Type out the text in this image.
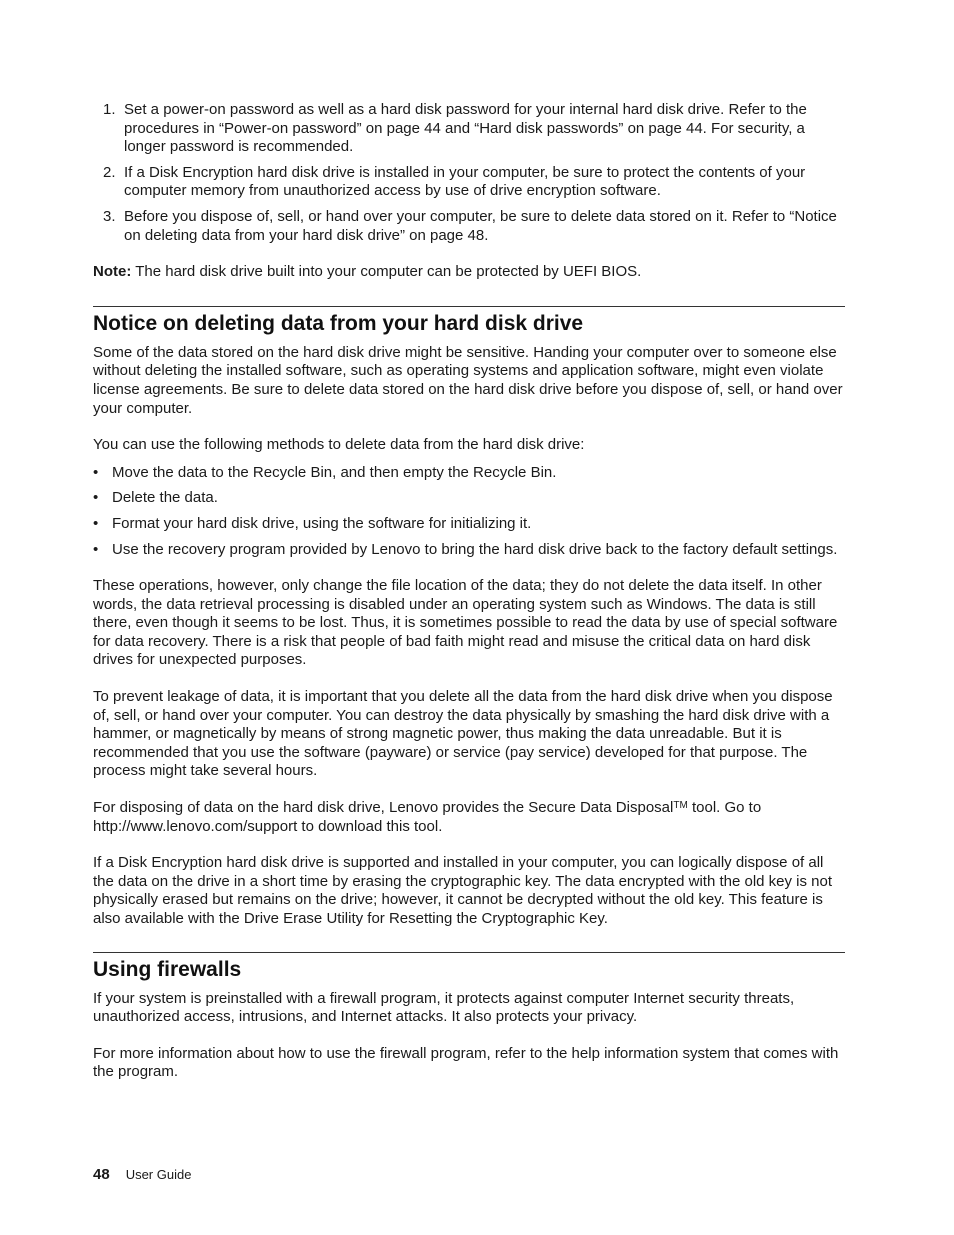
1. Set a power-on password as well as a hard disk password for your internal hard disk drive. Refer to the procedures in “Power-on password” on page 44 and “Hard disk passwords” on page 44. For security, a longer password is recommended.
2. If a Disk Encryption hard disk drive is installed in your computer, be sure to protect the contents of your computer memory from unauthorized access by use of drive encryption software.
3. Before you dispose of, sell, or hand over your computer, be sure to delete data stored on it. Refer to “Notice on deleting data from your hard disk drive” on page 48.

Note: The hard disk drive built into your computer can be protected by UEFI BIOS.

Notice on deleting data from your hard disk drive

Some of the data stored on the hard disk drive might be sensitive. Handing your computer over to someone else without deleting the installed software, such as operating systems and application software, might even violate license agreements. Be sure to delete data stored on the hard disk drive before you dispose of, sell, or hand over your computer.

You can use the following methods to delete data from the hard disk drive:

• Move the data to the Recycle Bin, and then empty the Recycle Bin.
• Delete the data.
• Format your hard disk drive, using the software for initializing it.
• Use the recovery program provided by Lenovo to bring the hard disk drive back to the factory default settings.

These operations, however, only change the file location of the data; they do not delete the data itself. In other words, the data retrieval processing is disabled under an operating system such as Windows. The data is still there, even though it seems to be lost. Thus, it is sometimes possible to read the data by use of special software for data recovery. There is a risk that people of bad faith might read and misuse the critical data on hard disk drives for unexpected purposes.

To prevent leakage of data, it is important that you delete all the data from the hard disk drive when you dispose of, sell, or hand over your computer. You can destroy the data physically by smashing the hard disk drive with a hammer, or magnetically by means of strong magnetic power, thus making the data unreadable. But it is recommended that you use the software (payware) or service (pay service) developed for that purpose. The process might take several hours.

For disposing of data on the hard disk drive, Lenovo provides the Secure Data Disposal™ tool. Go to http://www.lenovo.com/support to download this tool.

If a Disk Encryption hard disk drive is supported and installed in your computer, you can logically dispose of all the data on the drive in a short time by erasing the cryptographic key. The data encrypted with the old key is not physically erased but remains on the drive; however, it cannot be decrypted without the old key. This feature is also available with the Drive Erase Utility for Resetting the Cryptographic Key.

Using firewalls

If your system is preinstalled with a firewall program, it protects against computer Internet security threats, unauthorized access, intrusions, and Internet attacks. It also protects your privacy.

For more information about how to use the firewall program, refer to the help information system that comes with the program.

48 User Guide
